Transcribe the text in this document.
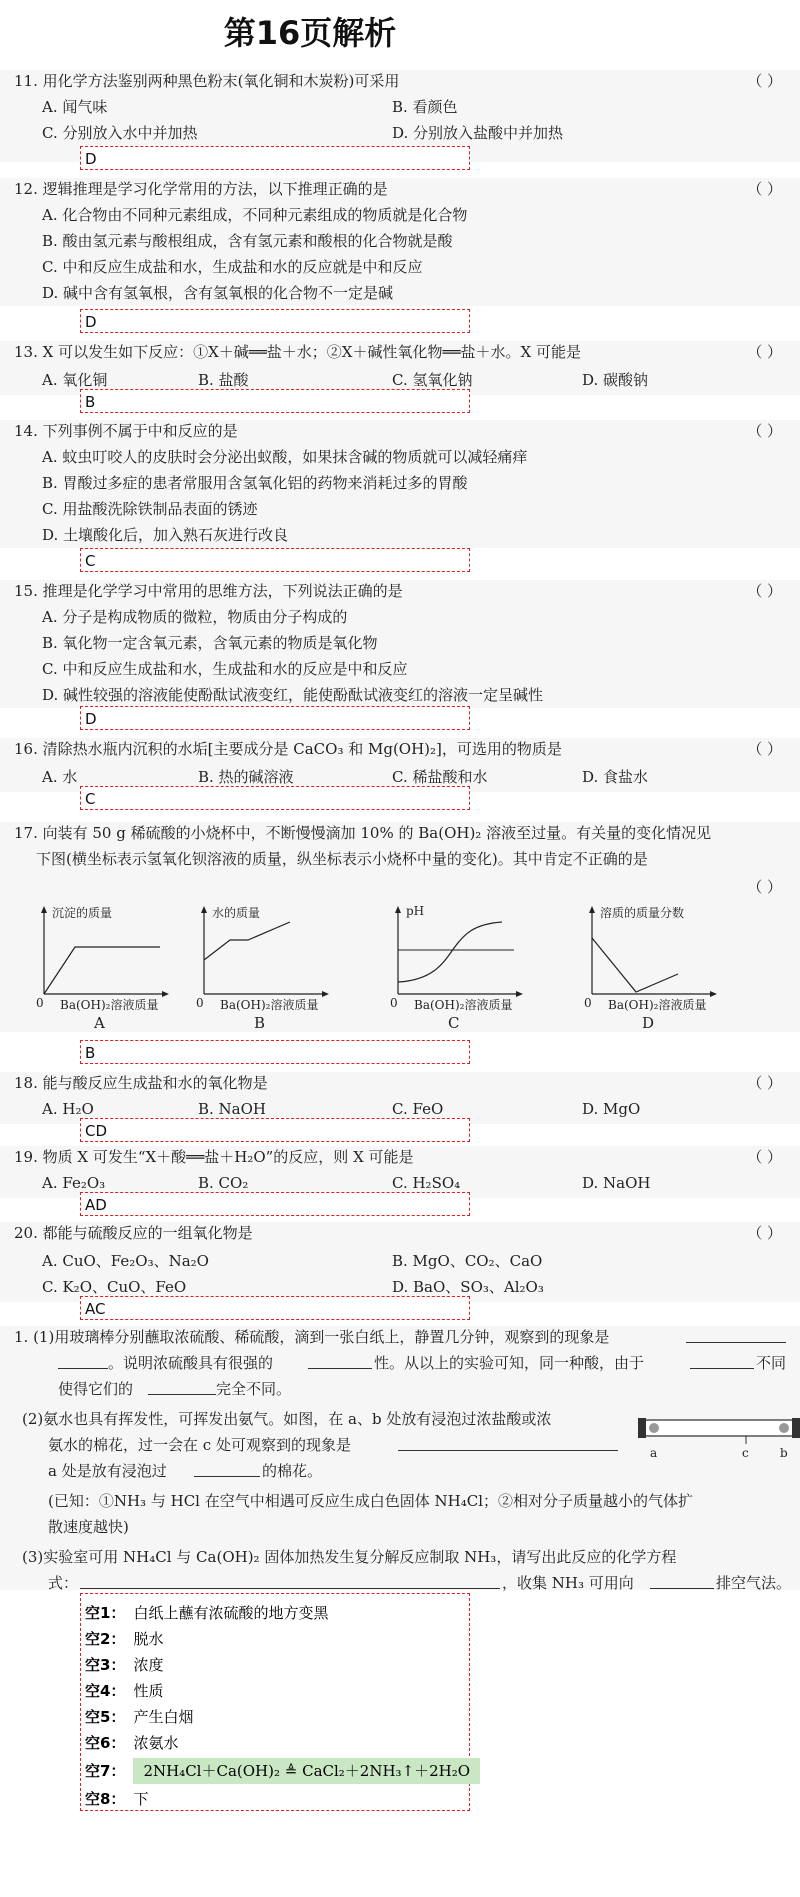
第16页解析
11. 用化学方法鉴别两种黑色粉末(氧化铜和木炭粉)可采用	（ ）
A. 闻气味	B. 看颜色
C. 分别放入水中并加热	D. 分别放入盐酸中并加热
D
12. 逻辑推理是学习化学常用的方法，以下推理正确的是	（ ）
A. 化合物由不同种元素组成，不同种元素组成的物质就是化合物
B. 酸由氢元素与酸根组成，含有氢元素和酸根的化合物就是酸
C. 中和反应生成盐和水，生成盐和水的反应就是中和反应
D. 碱中含有氢氧根，含有氢氧根的化合物不一定是碱
D
13. X 可以发生如下反应：①X＋碱══盐＋水；②X＋碱性氧化物══盐＋水。X 可能是	（ ）
A. 氧化铜	B. 盐酸	C. 氢氧化钠	D. 碳酸钠
B
14. 下列事例不属于中和反应的是	（ ）
A. 蚊虫叮咬人的皮肤时会分泌出蚁酸，如果抹含碱的物质就可以减轻痛痒
B. 胃酸过多症的患者常服用含氢氧化铝的药物来消耗过多的胃酸
C. 用盐酸洗除铁制品表面的锈迹
D. 土壤酸化后，加入熟石灰进行改良
C
15. 推理是化学学习中常用的思维方法，下列说法正确的是	（ ）
A. 分子是构成物质的微粒，物质由分子构成的
B. 氧化物一定含氧元素，含氧元素的物质是氧化物
C. 中和反应生成盐和水，生成盐和水的反应是中和反应
D. 碱性较强的溶液能使酚酞试液变红，能使酚酞试液变红的溶液一定呈碱性
D
16. 清除热水瓶内沉积的水垢[主要成分是 CaCO₃ 和 Mg(OH)₂]，可选用的物质是	（ ）
A. 水	B. 热的碱溶液	C. 稀盐酸和水	D. 食盐水
C
17. 向装有 50 g 稀硫酸的小烧杯中，不断慢慢滴加 10% 的 Ba(OH)₂ 溶液至过量。有关量的变化情况见
下图(横坐标表示氢氧化钡溶液的质量，纵坐标表示小烧杯中量的变化)。其中肯定不正确的是
（ ）
沉淀的质量
0 Ba(OH)₂溶液质量
A
水的质量
0 Ba(OH)₂溶液质量
B
pH
0 Ba(OH)₂溶液质量
C
溶质的质量分数
0 Ba(OH)₂溶液质量
D
B
18. 能与酸反应生成盐和水的氧化物是	（ ）
A. H₂O	B. NaOH	C. FeO	D. MgO
CD
19. 物质 X 可发生“X＋酸══盐＋H₂O”的反应，则 X 可能是	（ ）
A. Fe₂O₃	B. CO₂	C. H₂SO₄	D. NaOH
AD
20. 都能与硫酸反应的一组氧化物是	（ ）
A. CuO、Fe₂O₃、Na₂O	B. MgO、CO₂、CaO
C. K₂O、CuO、FeO	D. BaO、SO₃、Al₂O₃
AC
1. (1)用玻璃棒分别蘸取浓硫酸、稀硫酸，滴到一张白纸上，静置几分钟，观察到的现象是
。说明浓硫酸具有很强的	性。从以上的实验可知，同一种酸，由于	不同
使得它们的	完全不同。
(2)氨水也具有挥发性，可挥发出氨气。如图，在 a、b 处放有浸泡过浓盐酸或浓
氨水的棉花，过一会在 c 处可观察到的现象是
a 处是放有浸泡过	的棉花。
a	c	b
(已知：①NH₃ 与 HCl 在空气中相遇可反应生成白色固体 NH₄Cl；②相对分子质量越小的气体扩
散速度越快)
(3)实验室可用 NH₄Cl 与 Ca(OH)₂ 固体加热发生复分解反应制取 NH₃，请写出此反应的化学方程
式：	，收集 NH₃ 可用向	排空气法。
空1： 白纸上蘸有浓硫酸的地方变黑
空2： 脱水
空3： 浓度
空4： 性质
空5： 产生白烟
空6： 浓氨水
空7： 2NH₄Cl＋Ca(OH)₂ ≜ CaCl₂＋2NH₃↑＋2H₂O
空8： 下
